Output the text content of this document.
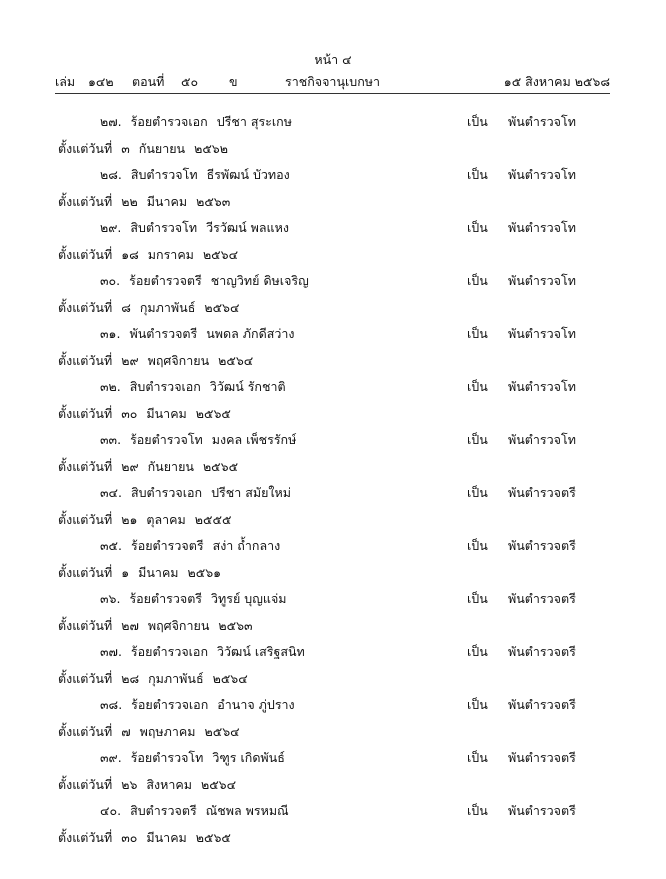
หน้า ๔
เล่ม ๑๔๒ ตอนที่ ๕๐ ข	ราชกิจจานุเบกษา	๑๕ สิงหาคม ๒๕๖๘
๒๗. ร้อยตำรวจเอก ปรีชา สุระเกษ	เป็น พันตำรวจโท
ตั้งแต่วันที่ ๓ กันยายน ๒๕๖๒
๒๘. สิบตำรวจโท ธีรพัฒน์ บัวทอง	เป็น พันตำรวจโท
ตั้งแต่วันที่ ๒๒ มีนาคม ๒๕๖๓
๒๙. สิบตำรวจโท วีรวัฒน์ พลแหง	เป็น พันตำรวจโท
ตั้งแต่วันที่ ๑๘ มกราคม ๒๕๖๔
๓๐. ร้อยตำรวจตรี ชาญวิทย์ ดิษเจริญ	เป็น พันตำรวจโท
ตั้งแต่วันที่ ๘ กุมภาพันธ์ ๒๕๖๔
๓๑. พันตำรวจตรี นพดล ภักดีสว่าง	เป็น พันตำรวจโท
ตั้งแต่วันที่ ๒๙ พฤศจิกายน ๒๕๖๔
๓๒. สิบตำรวจเอก วิวัฒน์ รักชาติ	เป็น พันตำรวจโท
ตั้งแต่วันที่ ๓๐ มีนาคม ๒๕๖๕
๓๓. ร้อยตำรวจโท มงคล เพ็ชรรักษ์	เป็น พันตำรวจโท
ตั้งแต่วันที่ ๒๙ กันยายน ๒๕๖๕
๓๔. สิบตำรวจเอก ปรีชา สมัยใหม่	เป็น พันตำรวจตรี
ตั้งแต่วันที่ ๒๑ ตุลาคม ๒๕๕๕
๓๕. ร้อยตำรวจตรี สง่า ถ้ำกลาง	เป็น พันตำรวจตรี
ตั้งแต่วันที่ ๑ มีนาคม ๒๕๖๑
๓๖. ร้อยตำรวจตรี วิทูรย์ บุญแจ่ม	เป็น พันตำรวจตรี
ตั้งแต่วันที่ ๒๗ พฤศจิกายน ๒๕๖๓
๓๗. ร้อยตำรวจเอก วิวัฒน์ เสริฐสนิท	เป็น พันตำรวจตรี
ตั้งแต่วันที่ ๒๘ กุมภาพันธ์ ๒๕๖๔
๓๘. ร้อยตำรวจเอก อำนาจ ภู่ปราง	เป็น พันตำรวจตรี
ตั้งแต่วันที่ ๗ พฤษภาคม ๒๕๖๔
๓๙. ร้อยตำรวจโท วิฑูร เกิดพันธ์	เป็น พันตำรวจตรี
ตั้งแต่วันที่ ๒๖ สิงหาคม ๒๕๖๔
๔๐. สิบตำรวจตรี ณัชพล พรหมณี	เป็น พันตำรวจตรี
ตั้งแต่วันที่ ๓๐ มีนาคม ๒๕๖๕
